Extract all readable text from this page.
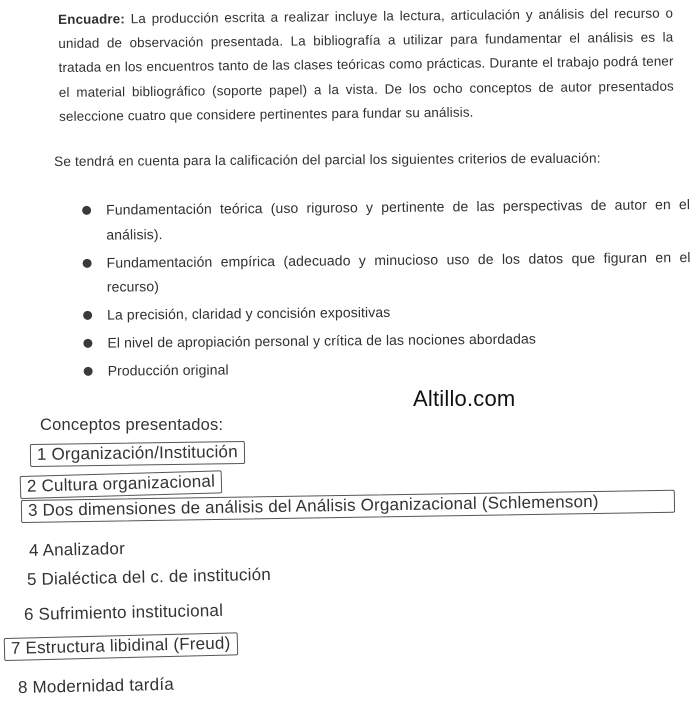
Encuadre: La producción escrita a realizar incluye la lectura, articulación y análisis del recurso o unidad de observación presentada. La bibliografía a utilizar para fundamentar el análisis es la tratada en los encuentros tanto de las clases teóricas como prácticas. Durante el trabajo podrá tener el material bibliográfico (soporte papel) a la vista. De los ocho conceptos de autor presentados seleccione cuatro que considere pertinentes para fundar su análisis.

Se tendrá en cuenta para la calificación del parcial los siguientes criterios de evaluación:

Fundamentación teórica (uso riguroso y pertinente de las perspectivas de autor en el análisis).
Fundamentación empírica (adecuado y minucioso uso de los datos que figuran en el recurso)
La precisión, claridad y concisión expositivas
El nivel de apropiación personal y crítica de las nociones abordadas
Producción original
Altillo.com
Conceptos presentados:
1 Organización/Institución
2 Cultura organizacional
3 Dos dimensiones de análisis del Análisis Organizacional (Schlemenson)
4 Analizador
5 Dialéctica del c. de institución
6 Sufrimiento institucional
7 Estructura libidinal (Freud)
8 Modernidad tardía
